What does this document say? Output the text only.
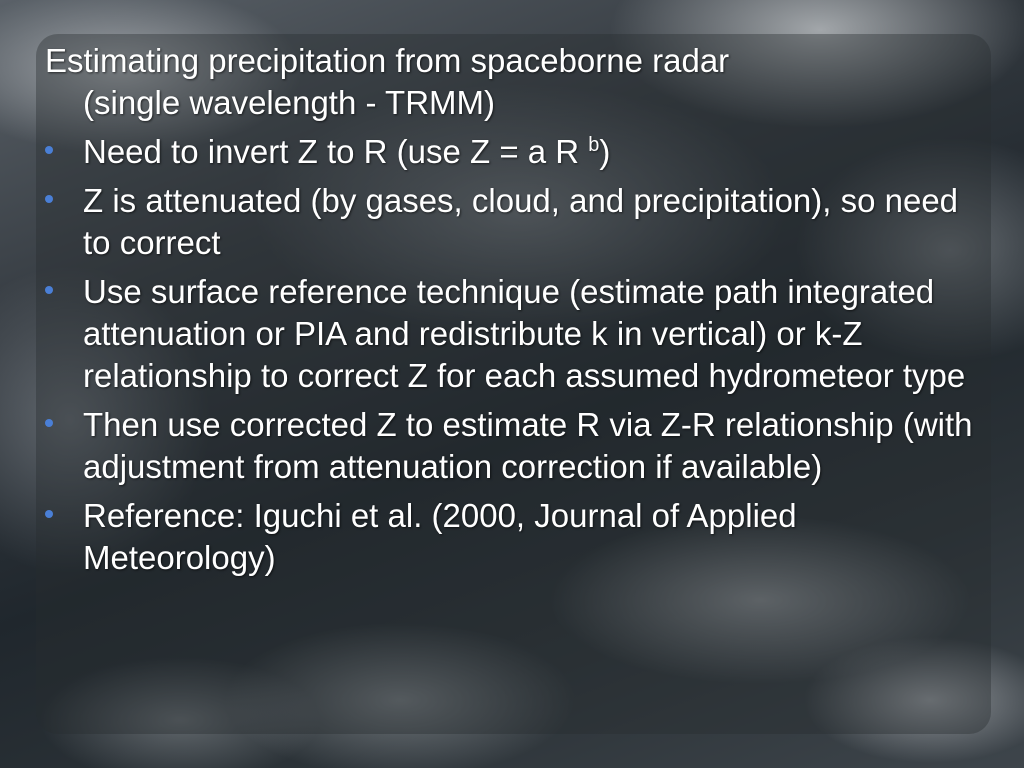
Estimating precipitation from spaceborne radar
(single wavelength - TRMM)

Need to invert Z to R (use Z = a R $^b$)
Z is attenuated (by gases, cloud, and precipitation), so need to correct
Use surface reference technique (estimate path integrated attenuation or PIA and redistribute k in vertical) or k-Z relationship to correct Z for each assumed hydrometeor type
Then use corrected Z to estimate R via Z-R relationship (with adjustment from attenuation correction if available)
Reference: Iguchi et al. (2000, Journal of Applied Meteorology)
